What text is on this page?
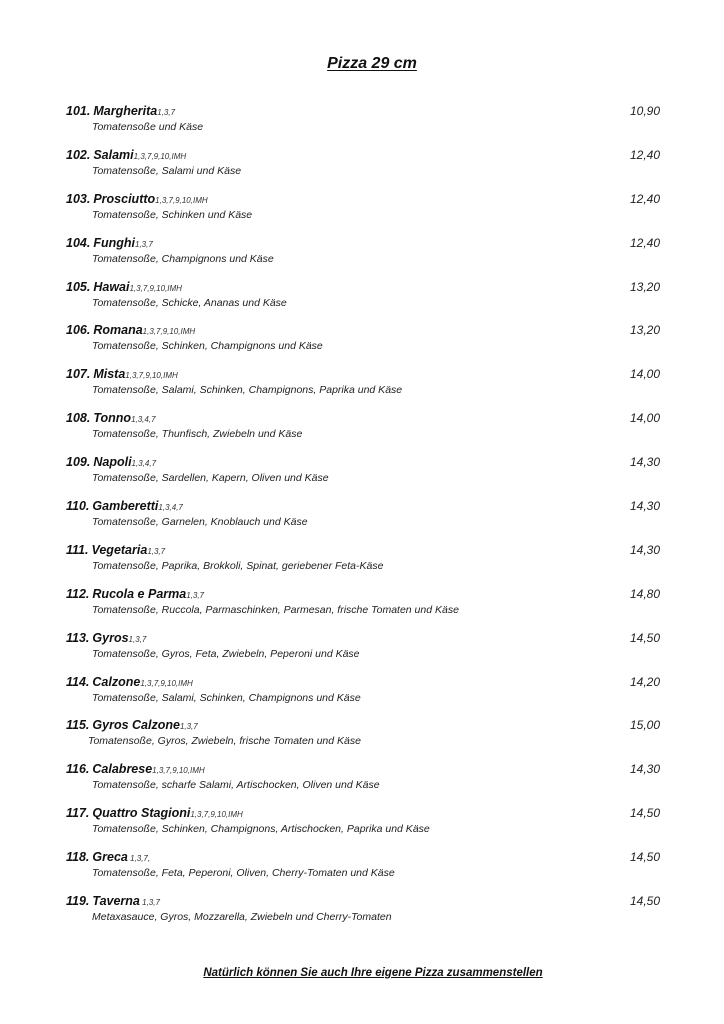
Pizza 29 cm
101. Margherita1,3,7
Tomatensoße und Käse
10,90
102. Salami1,3,7,9,10,IMH
Tomatensoße, Salami und Käse
12,40
103. Prosciutto1,3,7,9,10,IMH
Tomatensoße, Schinken und Käse
12,40
104. Funghi1,3,7
Tomatensoße, Champignons und Käse
12,40
105. Hawai1,3,7,9,10,IMH
Tomatensoße, Schicke, Ananas und Käse
13,20
106. Romana1,3,7,9,10,IMH
Tomatensoße, Schinken, Champignons und Käse
13,20
107. Mista1,3,7,9,10,IMH
Tomatensoße, Salami, Schinken, Champignons, Paprika und Käse
14,00
108. Tonno1,3,4,7
Tomatensoße, Thunfisch, Zwiebeln und Käse
14,00
109. Napoli1,3,4,7
Tomatensoße, Sardellen, Kapern, Oliven und Käse
14,30
110. Gamberetti1,3,4,7
Tomatensoße, Garnelen, Knoblauch und Käse
14,30
111. Vegetaria1,3,7
Tomatensoße, Paprika, Brokkoli, Spinat, geriebener Feta-Käse
14,30
112. Rucola e Parma1,3,7
Tomatensoße, Ruccola, Parmaschinken, Parmesan, frische Tomaten und Käse
14,80
113. Gyros1,3,7
Tomatensoße, Gyros, Feta, Zwiebeln, Peperoni und Käse
14,50
114. Calzone1,3,7,9,10,IMH
Tomatensoße, Salami, Schinken, Champignons und Käse
14,20
115. Gyros Calzone1,3,7
Tomatensoße, Gyros, Zwiebeln, frische Tomaten und Käse
15,00
116. Calabrese1,3,7,9,10,IMH
Tomatensoße, scharfe Salami, Artischocken, Oliven und Käse
14,30
117. Quattro Stagioni1,3,7,9,10,IMH
Tomatensoße, Schinken, Champignons, Artischocken, Paprika und Käse
14,50
118. Greca 1,3,7,
Tomatensoße, Feta, Peperoni, Oliven, Cherry-Tomaten und Käse
14,50
119. Taverna 1,3,7
Metaxasauce, Gyros, Mozzarella, Zwiebeln und Cherry-Tomaten
14,50
Natürlich können Sie auch Ihre eigene Pizza zusammenstellen
